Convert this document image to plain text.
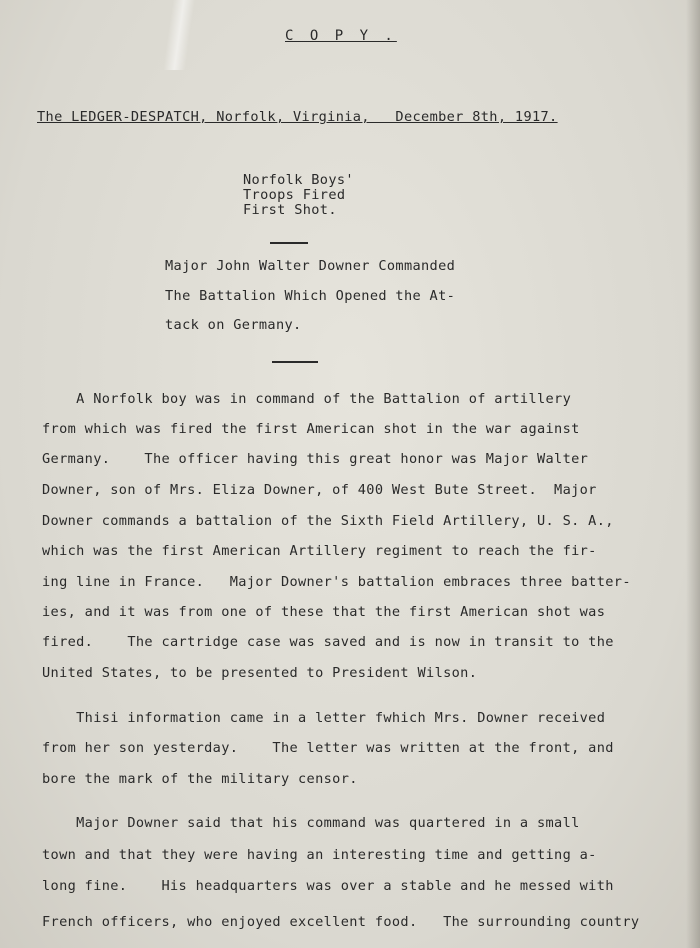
C O P Y .
The LEDGER-DESPATCH, Norfolk, Virginia,   December 8th, 1917.
Norfolk Boys'
Troops Fired
First Shot.
Major John Walter Downer Commanded
The Battalion Which Opened the At-
tack on Germany.
A Norfolk boy was in command of the Battalion of artillery
from which was fired the first American shot in the war against
Germany.    The officer having this great honor was Major Walter
Downer, son of Mrs. Eliza Downer, of 400 West Bute Street.  Major
Downer commands a battalion of the Sixth Field Artillery, U. S. A.,
which was the first American Artillery regiment to reach the fir-
ing line in France.   Major Downer's battalion embraces three batter-
ies, and it was from one of these that the first American shot was
fired.    The cartridge case was saved and is now in transit to the
United States, to be presented to President Wilson.
Thisi information came in a letter fwhich Mrs. Downer received
from her son yesterday.    The letter was written at the front, and
bore the mark of the military censor.
Major Downer said that his command was quartered in a small
town and that they were having an interesting time and getting a-
long fine.    His headquarters was over a stable and he messed with
French officers, who enjoyed excellent food.   The surrounding country
